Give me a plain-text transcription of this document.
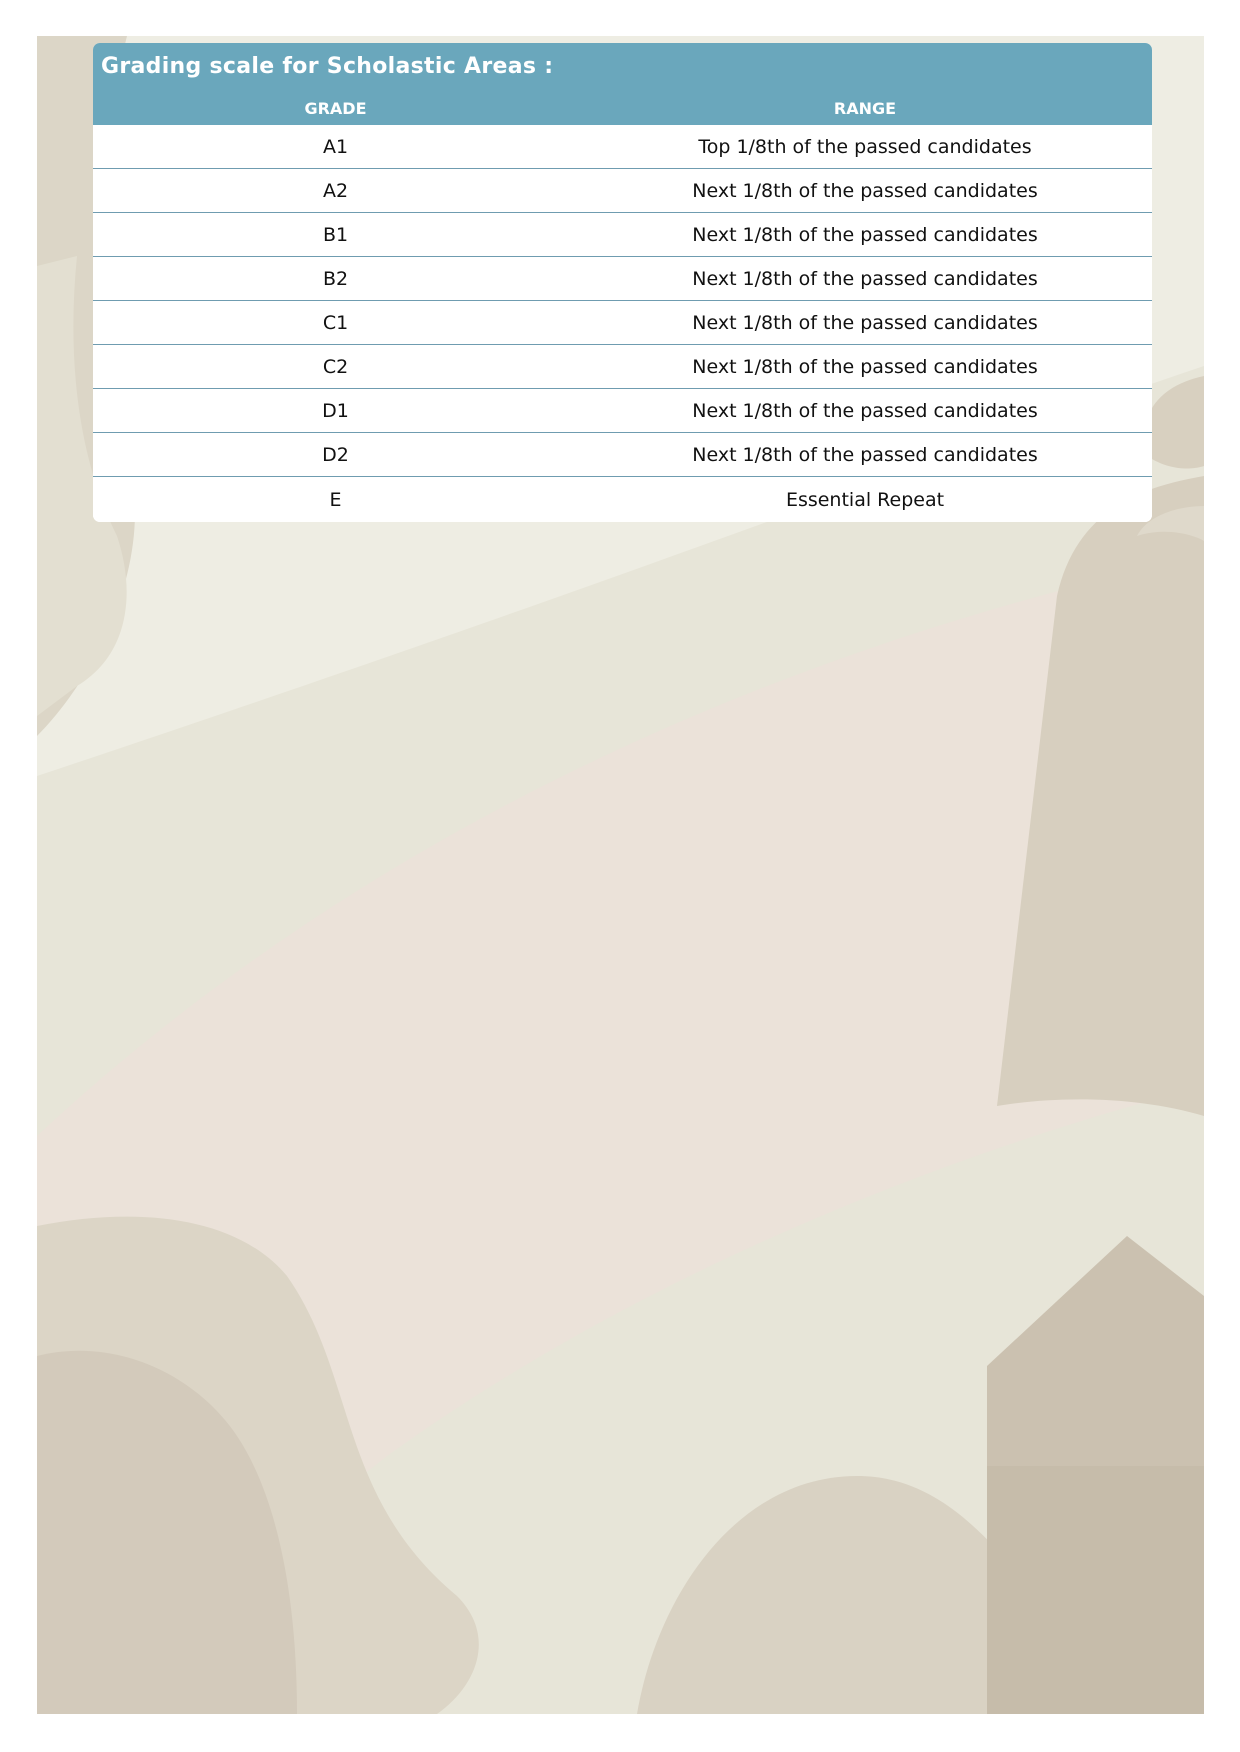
Grading scale for Scholastic Areas :
GRADE	RANGE
A1	Top 1/8th of the passed candidates
A2	Next 1/8th of the passed candidates
B1	Next 1/8th of the passed candidates
B2	Next 1/8th of the passed candidates
C1	Next 1/8th of the passed candidates
C2	Next 1/8th of the passed candidates
D1	Next 1/8th of the passed candidates
D2	Next 1/8th of the passed candidates
E	Essential Repeat
